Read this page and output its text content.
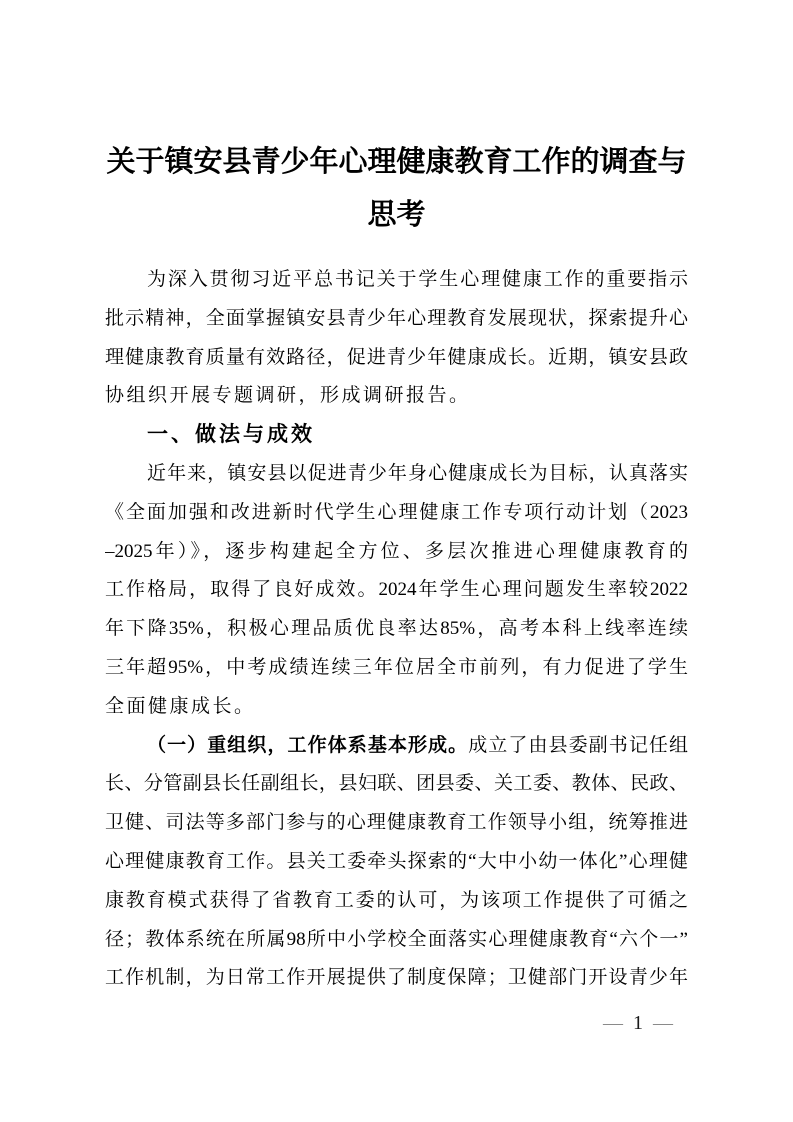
关于镇安县青少年心理健康教育工作的调查与
思考
为深入贯彻习近平总书记关于学生心理健康工作的重要指示
批示精神，全面掌握镇安县青少年心理教育发展现状，探索提升心
理健康教育质量有效路径，促进青少年健康成长。近期，镇安县政
协组织开展专题调研，形成调研报告。
一、做法与成效
近年来，镇安县以促进青少年身心健康成长为目标，认真落实
《全面加强和改进新时代学生心理健康工作专项行动计划（2023
–2025年）》，逐步构建起全方位、多层次推进心理健康教育的
工作格局，取得了良好成效。2024年学生心理问题发生率较2022
年下降35%，积极心理品质优良率达85%，高考本科上线率连续
三年超95%，中考成绩连续三年位居全市前列，有力促进了学生
全面健康成长。
（一）重组织，工作体系基本形成。成立了由县委副书记任组
长、分管副县长任副组长，县妇联、团县委、关工委、教体、民政、
卫健、司法等多部门参与的心理健康教育工作领导小组，统筹推进
心理健康教育工作。县关工委牵头探索的“大中小幼一体化”心理健
康教育模式获得了省教育工委的认可，为该项工作提供了可循之
径；教体系统在所属98所中小学校全面落实心理健康教育“六个一”
工作机制，为日常工作开展提供了制度保障；卫健部门开设青少年
— 1 —
